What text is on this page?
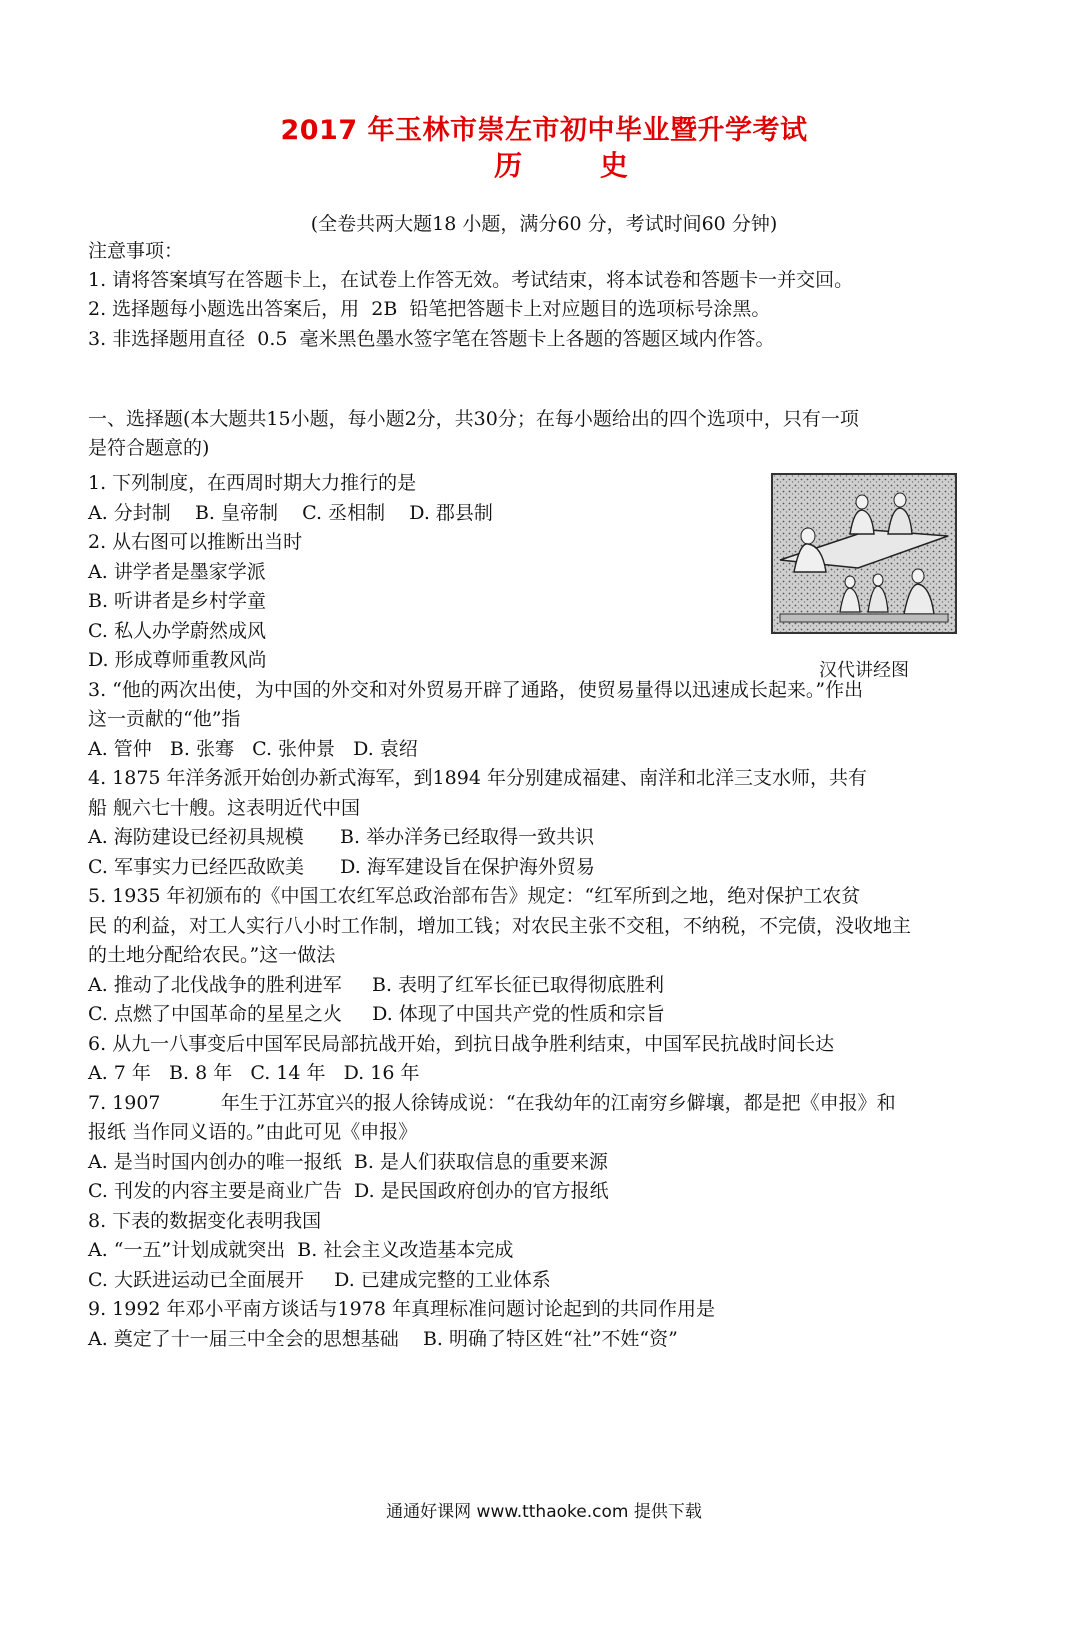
2017 年玉林市崇左市初中毕业暨升学考试
历 史
(全卷共两大题18 小题，满分60 分，考试时间60 分钟)
注意事项：
1. 请将答案填写在答题卡上，在试卷上作答无效。考试结束，将本试卷和答题卡一并交回。
2. 选择题每小题选出答案后，用  2B  铅笔把答题卡上对应题目的选项标号涂黑。
3. 非选择题用直径  0.5  毫米黑色墨水签字笔在答题卡上各题的答题区域内作答。
一、选择题(本大题共15小题，每小题2分，共30分；在每小题给出的四个选项中，只有一项
是符合题意的)
1. 下列制度，在西周时期大力推行的是
A. 分封制    B. 皇帝制    C. 丞相制    D. 郡县制
2. 从右图可以推断出当时
A. 讲学者是墨家学派
B. 听讲者是乡村学童
C. 私人办学蔚然成风
D. 形成尊师重教风尚
3. “他的两次出使，为中国的外交和对外贸易开辟了通路，使贸易量得以迅速成长起来。”作出
这一贡献的“他”指
A. 管仲   B. 张骞   C. 张仲景   D. 袁绍
4. 1875 年洋务派开始创办新式海军，到1894 年分别建成福建、南洋和北洋三支水师，共有
船 舰六七十艘。这表明近代中国
A. 海防建设已经初具规模      B. 举办洋务已经取得一致共识
C. 军事实力已经匹敌欧美      D. 海军建设旨在保护海外贸易
5. 1935 年初颁布的《中国工农红军总政治部布告》规定：“红军所到之地，绝对保护工农贫
民 的利益，对工人实行八小时工作制，增加工钱；对农民主张不交租，不纳税，不完债，没收地主
的土地分配给农民。”这一做法
A. 推动了北伐战争的胜利进军     B. 表明了红军长征已取得彻底胜利
C. 点燃了中国革命的星星之火     D. 体现了中国共产党的性质和宗旨
6. 从九一八事变后中国军民局部抗战开始，到抗日战争胜利结束，中国军民抗战时间长达
A. 7 年   B. 8 年   C. 14 年   D. 16 年
7. 1907          年生于江苏宜兴的报人徐铸成说：“在我幼年的江南穷乡僻壤，都是把《申报》和
报纸 当作同义语的。”由此可见《申报》
A. 是当时国内创办的唯一报纸  B. 是人们获取信息的重要来源
C. 刊发的内容主要是商业广告  D. 是民国政府创办的官方报纸
8. 下表的数据变化表明我国
A. “一五”计划成就突出  B. 社会主义改造基本完成
C. 大跃进运动已全面展开     D. 已建成完整的工业体系
9. 1992 年邓小平南方谈话与1978 年真理标准问题讨论起到的共同作用是
A. 奠定了十一届三中全会的思想基础    B. 明确了特区姓“社”不姓“资”
汉代讲经图
通通好课网 www.tthaoke.com 提供下载
